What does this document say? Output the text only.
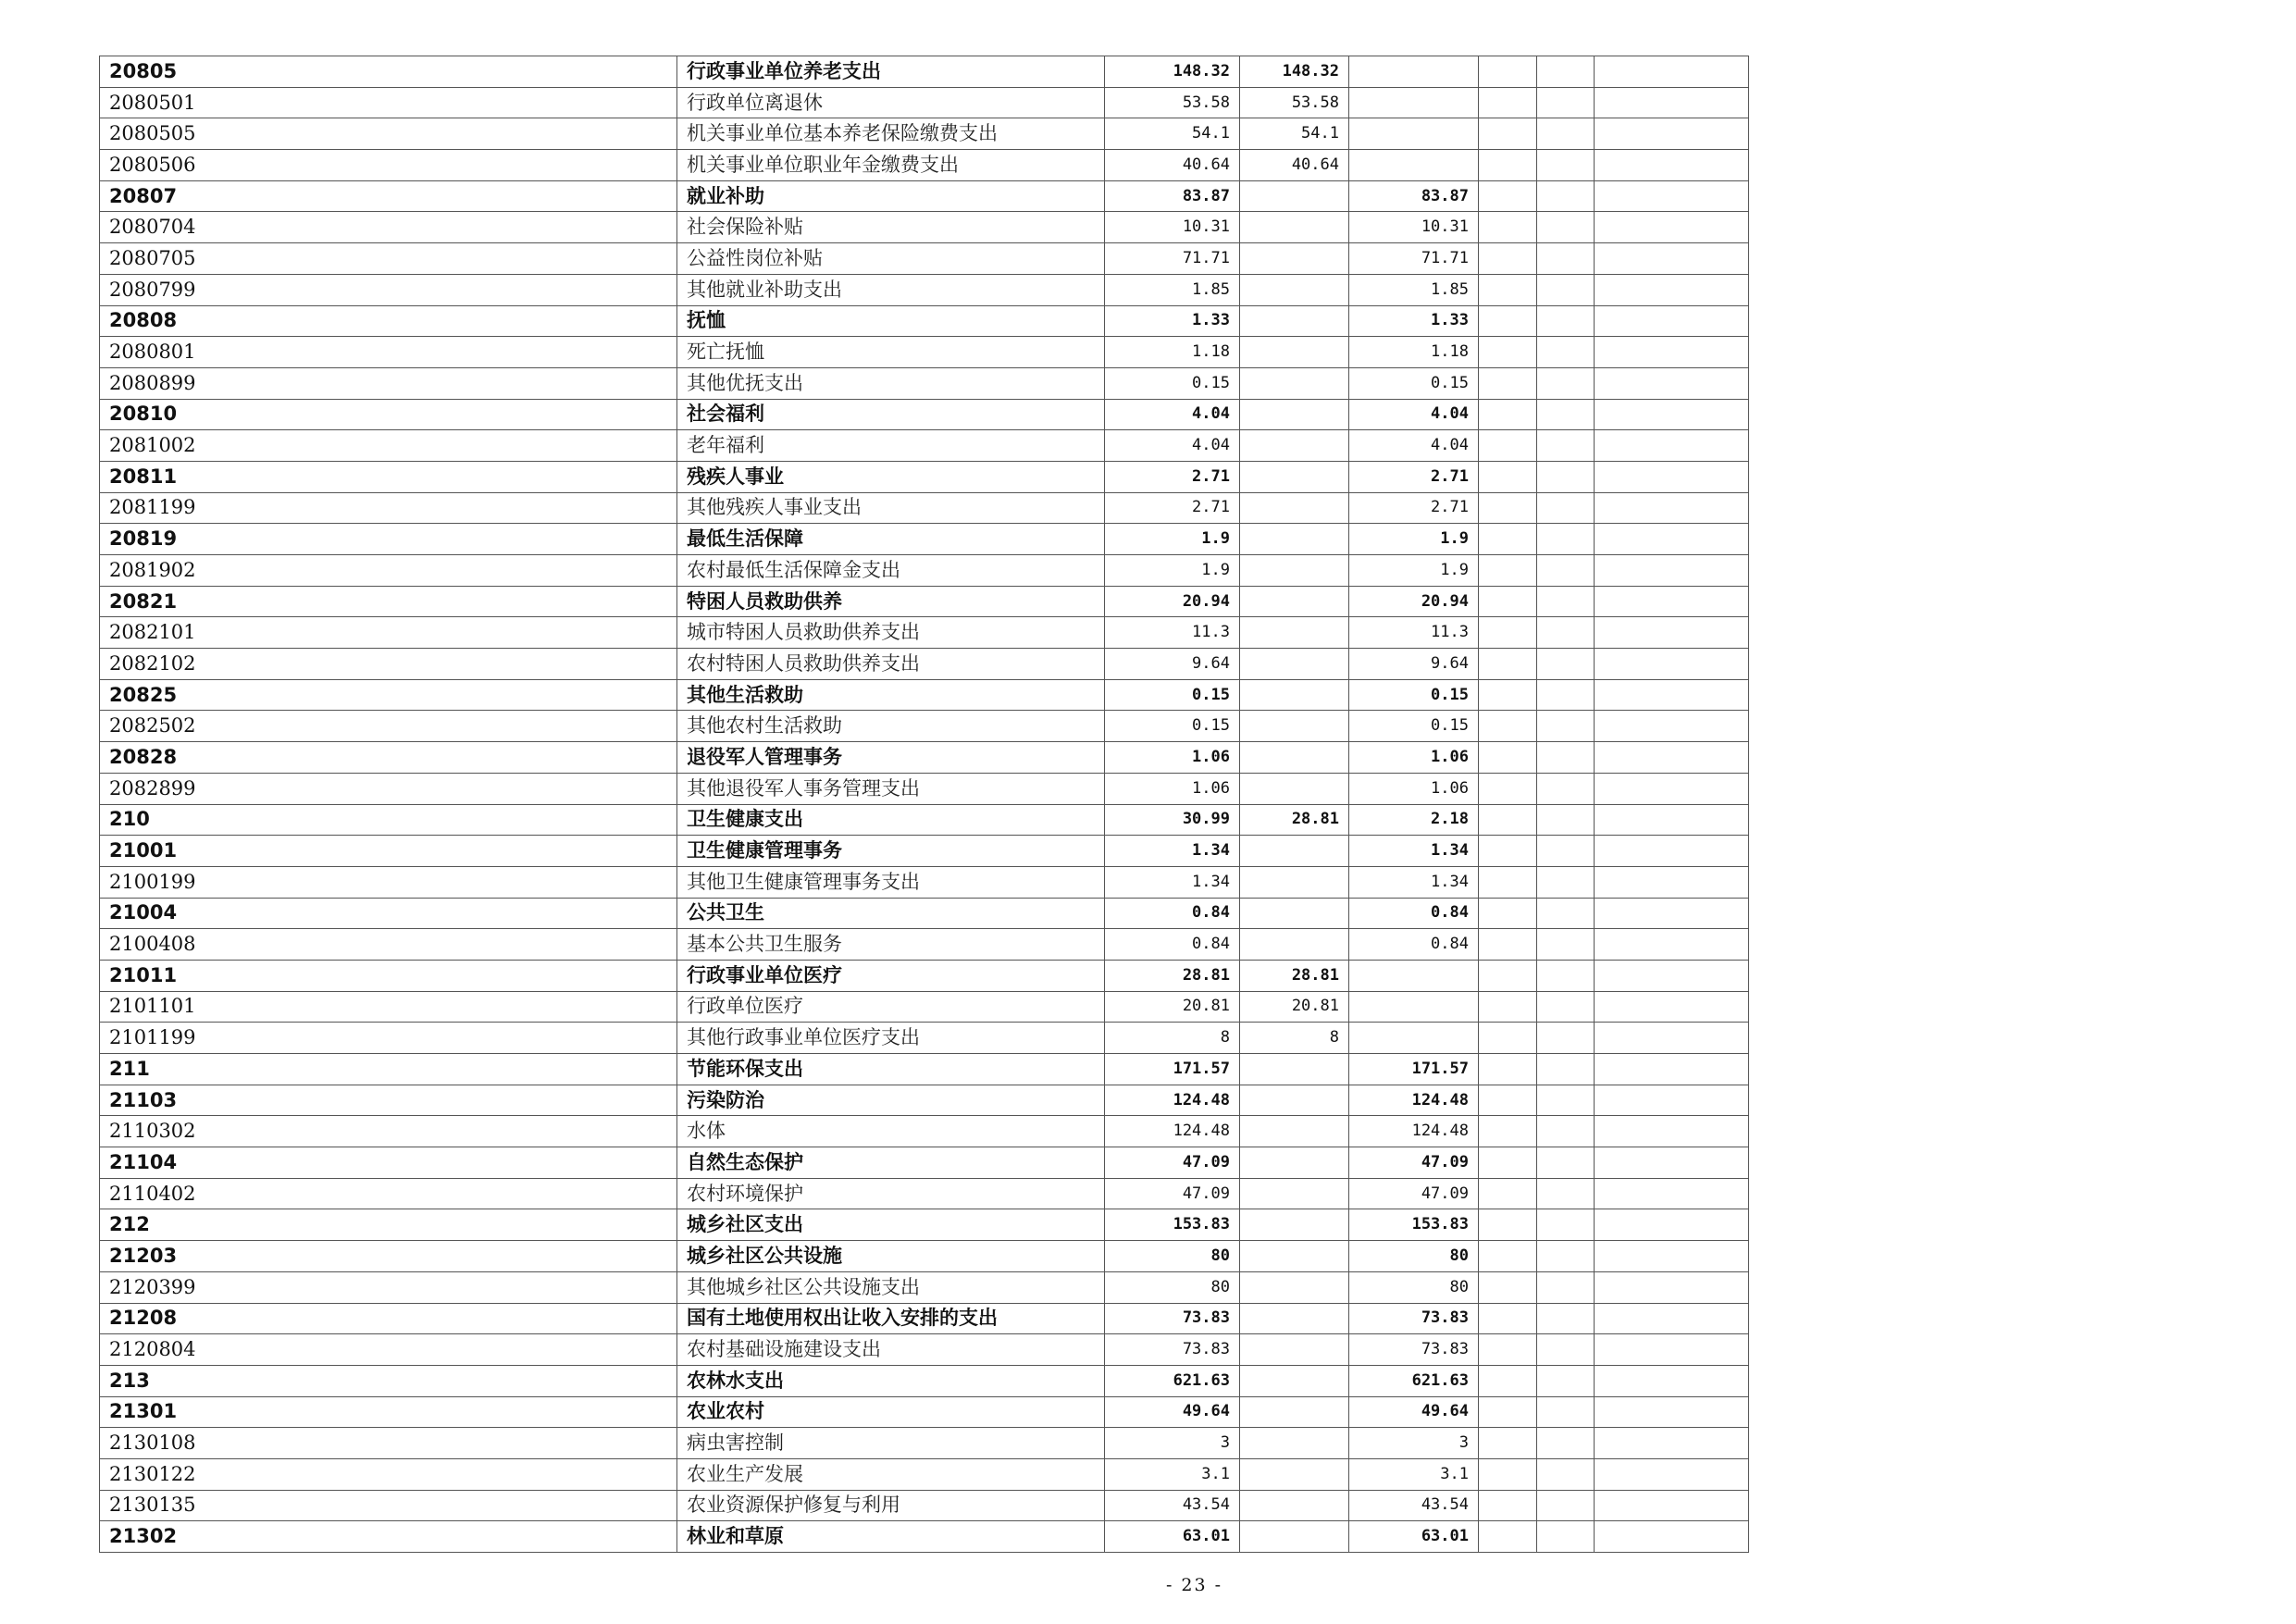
20805	行政事业单位养老支出	148.32	148.32				
2080501	行政单位离退休	53.58	53.58				
2080505	机关事业单位基本养老保险缴费支出	54.1	54.1				
2080506	机关事业单位职业年金缴费支出	40.64	40.64				
20807	就业补助	83.87		83.87			
2080704	社会保险补贴	10.31		10.31			
2080705	公益性岗位补贴	71.71		71.71			
2080799	其他就业补助支出	1.85		1.85			
20808	抚恤	1.33		1.33			
2080801	死亡抚恤	1.18		1.18			
2080899	其他优抚支出	0.15		0.15			
20810	社会福利	4.04		4.04			
2081002	老年福利	4.04		4.04			
20811	残疾人事业	2.71		2.71			
2081199	其他残疾人事业支出	2.71		2.71			
20819	最低生活保障	1.9		1.9			
2081902	农村最低生活保障金支出	1.9		1.9			
20821	特困人员救助供养	20.94		20.94			
2082101	城市特困人员救助供养支出	11.3		11.3			
2082102	农村特困人员救助供养支出	9.64		9.64			
20825	其他生活救助	0.15		0.15			
2082502	其他农村生活救助	0.15		0.15			
20828	退役军人管理事务	1.06		1.06			
2082899	其他退役军人事务管理支出	1.06		1.06			
210	卫生健康支出	30.99	28.81	2.18			
21001	卫生健康管理事务	1.34		1.34			
2100199	其他卫生健康管理事务支出	1.34		1.34			
21004	公共卫生	0.84		0.84			
2100408	基本公共卫生服务	0.84		0.84			
21011	行政事业单位医疗	28.81	28.81				
2101101	行政单位医疗	20.81	20.81				
2101199	其他行政事业单位医疗支出	8	8				
211	节能环保支出	171.57		171.57			
21103	污染防治	124.48		124.48			
2110302	水体	124.48		124.48			
21104	自然生态保护	47.09		47.09			
2110402	农村环境保护	47.09		47.09			
212	城乡社区支出	153.83		153.83			
21203	城乡社区公共设施	80		80			
2120399	其他城乡社区公共设施支出	80		80			
21208	国有土地使用权出让收入安排的支出	73.83		73.83			
2120804	农村基础设施建设支出	73.83		73.83			
213	农林水支出	621.63		621.63			
21301	农业农村	49.64		49.64			
2130108	病虫害控制	3		3			
2130122	农业生产发展	3.1		3.1			
2130135	农业资源保护修复与利用	43.54		43.54			
21302	林业和草原	63.01		63.01			
- 23 -
